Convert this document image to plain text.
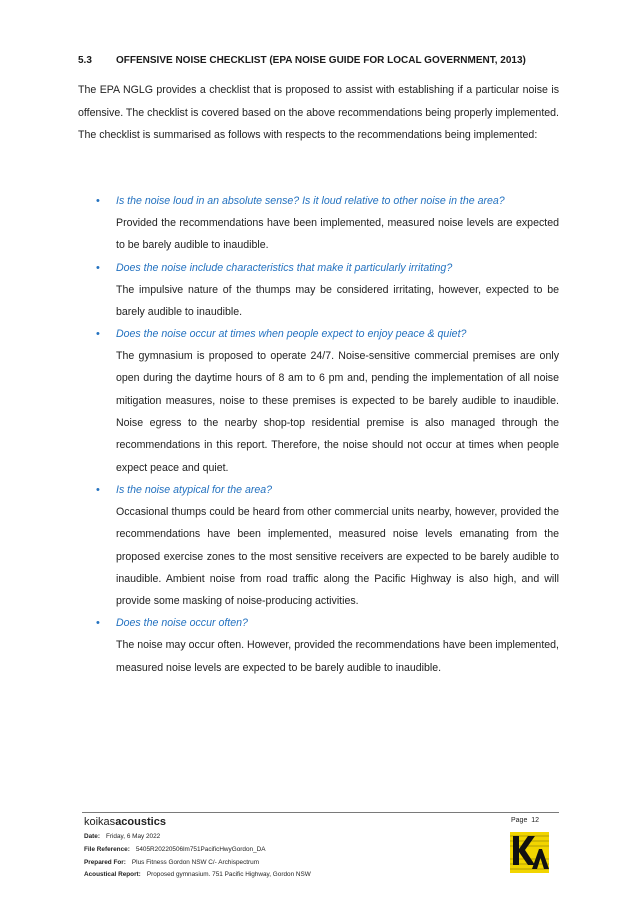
5.3 OFFENSIVE NOISE CHECKLIST (EPA NOISE GUIDE FOR LOCAL GOVERNMENT, 2013)

The EPA NGLG provides a checklist that is proposed to assist with establishing if a particular noise is offensive. The checklist is covered based on the above recommendations being properly implemented. The checklist is summarised as follows with respects to the recommendations being implemented:

• Is the noise loud in an absolute sense? Is it loud relative to other noise in the area?

Provided the recommendations have been implemented, measured noise levels are expected to be barely audible to inaudible.

• Does the noise include characteristics that make it particularly irritating?

The impulsive nature of the thumps may be considered irritating, however, expected to be barely audible to inaudible.

• Does the noise occur at times when people expect to enjoy peace & quiet?

The gymnasium is proposed to operate 24/7. Noise-sensitive commercial premises are only open during the daytime hours of 8 am to 6 pm and, pending the implementation of all noise mitigation measures, noise to these premises is expected to be barely audible to inaudible. Noise egress to the nearby shop-top residential premise is also managed through the recommendations in this report. Therefore, the noise should not occur at times when people expect peace and quiet.

• Is the noise atypical for the area?

Occasional thumps could be heard from other commercial units nearby, however, provided the recommendations have been implemented, measured noise levels emanating from the proposed exercise zones to the most sensitive receivers are expected to be barely audible to inaudible. Ambient noise from road traffic along the Pacific Highway is also high, and will provide some masking of noise-producing activities.

• Does the noise occur often?

The noise may occur often. However, provided the recommendations have been implemented, measured noise levels are expected to be barely audible to inaudible.

koikasacoustics
Date: Friday, 6 May 2022
File Reference: 5405R20220506lm751PacificHwyGordon_DA
Prepared For: Plus Fitness Gordon NSW C/- Archispectrum
Acoustical Report: Proposed gymnasium. 751 Pacific Highway, Gordon NSW
Page 12
